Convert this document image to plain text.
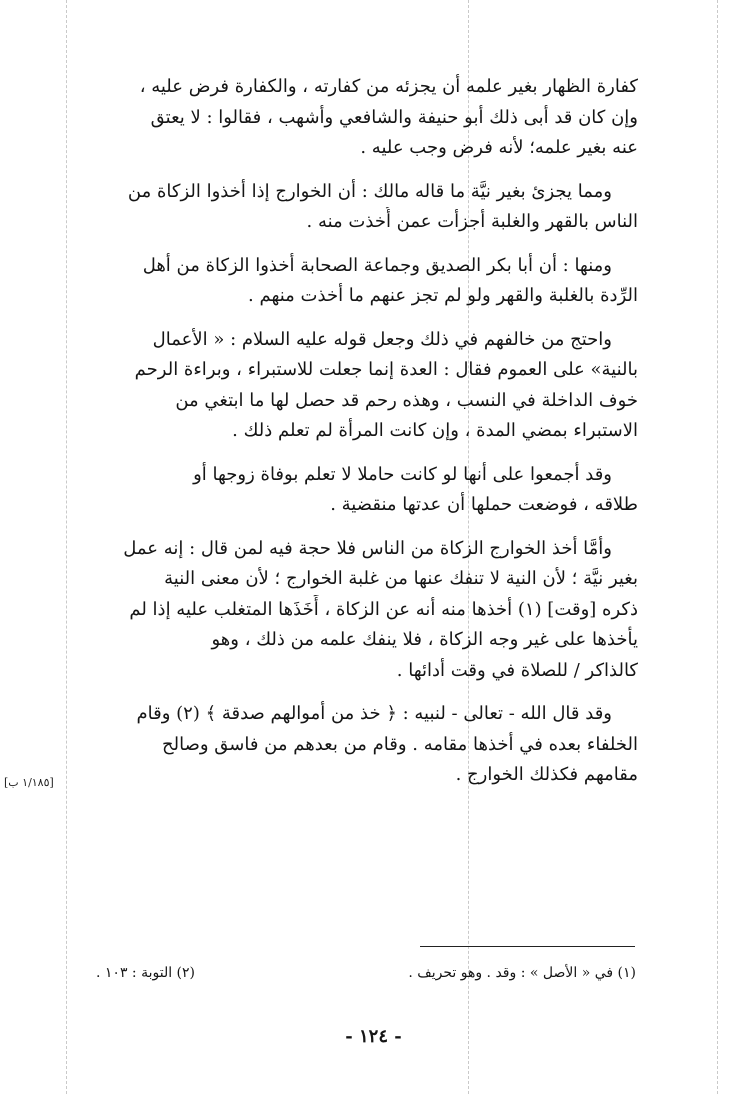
كفارة الظهار بغير علمه أن يجزئه من كفارته ، والكفارة فرض عليه ،
وإن كان قد أبى ذلك أبو حنيفة والشافعي وأشهب ، فقالوا : لا يعتق
عنه بغير علمه؛ لأنه فرض وجب عليه .
ومما يجزئ بغير نيَّة ما قاله مالك : أن الخوارج إذا أخذوا الزكاة من
الناس بالقهر والغلبة أجزأت عمن أُخذت منه .
ومنها : أن أبا بكر الصديق وجماعة الصحابة أخذوا الزكاة من أهل
الرِّدة بالغلبة والقهر ولو لم تجز عنهم ما أخذت منهم .
واحتج من خالفهم في ذلك وجعل قوله عليه السلام : « الأعمال
بالنية» على العموم فقال : العدة إنما جعلت للاستبراء ، وبراءة الرحم
خوف الداخلة في النسب ، وهذه رحم قد حصل لها ما ابتغي من
الاستبراء بمضي المدة ، وإن كانت المرأة لم تعلم ذلك .
وقد أجمعوا على أنها لو كانت حاملا لا تعلم بوفاة زوجها أو
طلاقه ، فوضعت حملها أن عدتها منقضية .
وأمَّا أخذ الخوارج الزكاة من الناس فلا حجة فيه لمن قال : إنه عمل
بغير نيَّة ؛ لأن النية لا تنفك عنها من غلبة الخوارج ؛ لأن معنى النية
ذكره [وقت] (١) أخذها منه أنه عن الزكاة ، أَخَذَها المتغلب عليه إذا لم
يأخذها على غير وجه الزكاة ، فلا ينفك علمه من ذلك ، وهو
كالذاكر / للصلاة في وقت أدائها .
وقد قال الله - تعالى - لنبيه : ﴿ خذ من أموالهم صدقة ﴾ (٢) وقام
الخلفاء بعده في أخذها مقامه . وقام من بعدهم من فاسق وصالح
مقامهم فكذلك الخوارج .
[١/١٨٥ ب]
(١) في « الأصل » : وقد . وهو تحريف .
(٢) التوبة : ١٠٣ .
- ١٢٤ -
